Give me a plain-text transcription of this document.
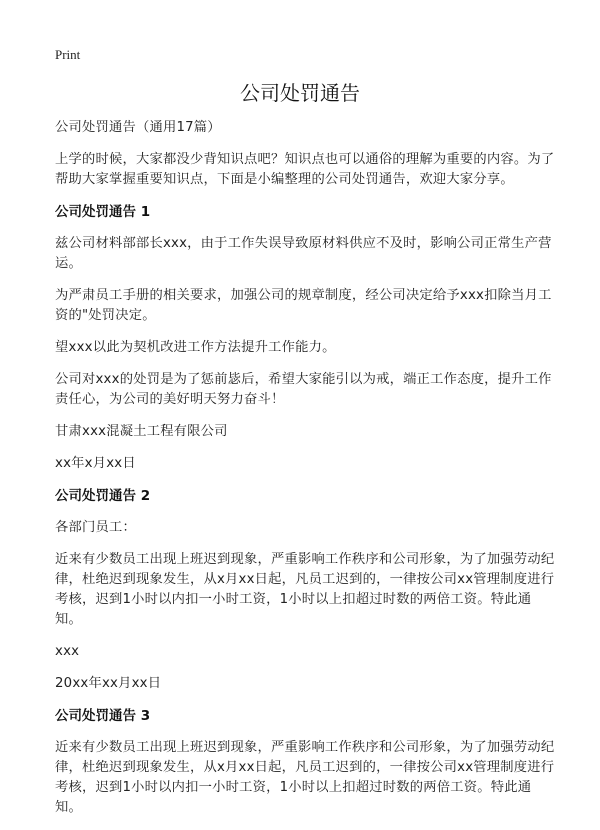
Print
公司处罚通告

公司处罚通告（通用17篇）

上学的时候，大家都没少背知识点吧？知识点也可以通俗的理解为重要的内容。为了帮助大家掌握重要知识点，下面是小编整理的公司处罚通告，欢迎大家分享。

公司处罚通告 1

兹公司材料部部长xxx，由于工作失误导致原材料供应不及时，影响公司正常生产营运。

为严肃员工手册的相关要求，加强公司的规章制度，经公司决定给予xxx扣除当月工资的"处罚决定。

望xxx以此为契机改进工作方法提升工作能力。

公司对xxx的处罚是为了惩前毖后，希望大家能引以为戒，端正工作态度，提升工作责任心，为公司的美好明天努力奋斗！

甘肃xxx混凝土工程有限公司

xx年x月xx日

公司处罚通告 2

各部门员工：

近来有少数员工出现上班迟到现象，严重影响工作秩序和公司形象，为了加强劳动纪律，杜绝迟到现象发生，从x月xx日起，凡员工迟到的，一律按公司xx管理制度进行考核，迟到1小时以内扣一小时工资，1小时以上扣超过时数的两倍工资。特此通知。

xxx

20xx年xx月xx日

公司处罚通告 3

近来有少数员工出现上班迟到现象，严重影响工作秩序和公司形象，为了加强劳动纪律，杜绝迟到现象发生，从x月xx日起，凡员工迟到的，一律按公司xx管理制度进行考核，迟到1小时以内扣一小时工资，1小时以上扣超过时数的两倍工资。特此通知。
